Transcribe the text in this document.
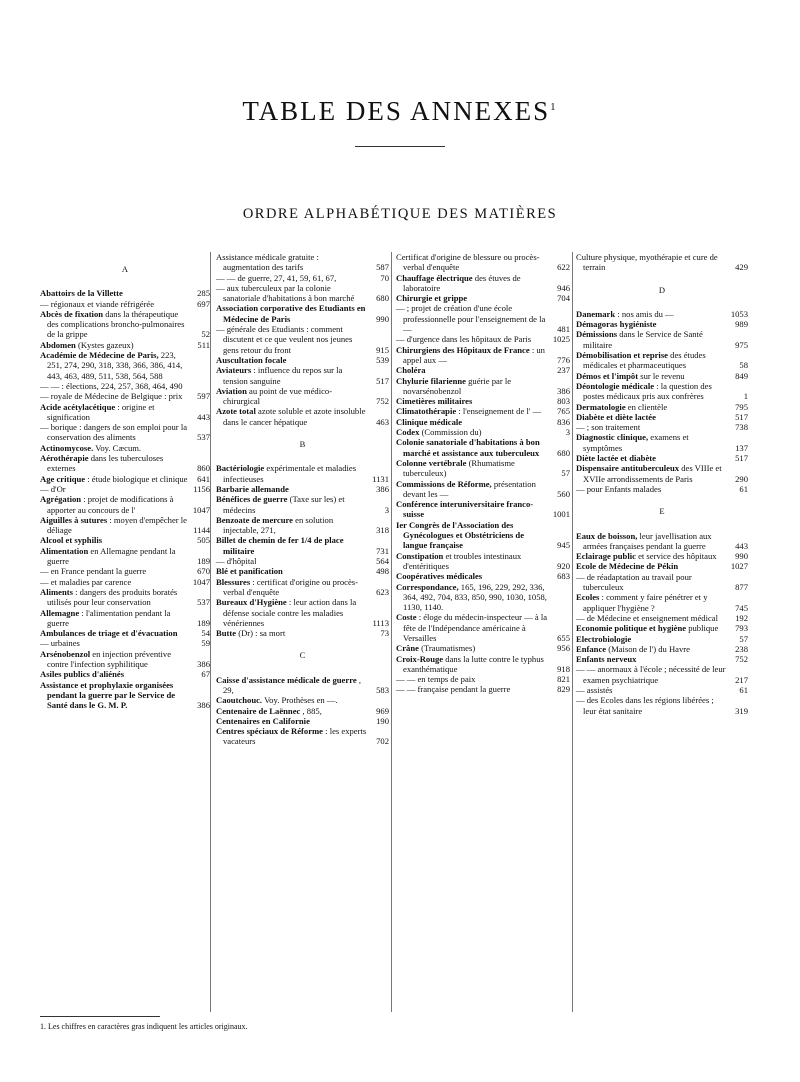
TABLE DES ANNEXES$^1$
ORDRE ALPHABÉTIQUE DES MATIÈRES
A
Abattoirs de la Villette	285
— régionaux et viande réfrigérée	697
Abcès de fixation dans la thérapeutique des complications broncho-pulmonaires de la grippe	52
Abdomen (Kystes gazeux)	511
Académie de Médecine de Paris, 223, 251, 274, 290, 318, 338, 366, 386, 414, 443, 463, 489, 511, 538, 564, 588
— — : élections, 224, 257, 368, 464, 490
— royale de Médecine de Belgique : prix 597
Acide acétylacétique : origine et signification	443
— borique : dangers de son emploi pour la conservation des aliments	537
Actinomycose. Voy. Cæcum.
Aérothérapie dans les tuberculoses externes	860
Age critique : étude biologique et clinique 641
— d'Or	1156
Agrégation : projet de modifications à apporter au concours de l'	1047
Aiguilles à sutures : moyen d'empêcher le déliage	1144
Alcool et syphilis	505
Alimentation en Allemagne pendant la guerre	189
— en France pendant la guerre	670
— et maladies par carence	1047
Aliments : dangers des produits boratés utilisés pour leur conservation	537
Allemagne : l'alimentation pendant la guerre	189
Ambulances de triage et d'évacuation	54
— urbaines	59
Arsénobenzol en injection préventive contre l'infection syphilitique	386
Asiles publics d'aliénés	67
Assistance et prophylaxie organisées pendant la guerre par le Service de Santé dans le G. M. P.	386
Assistance médicale gratuite : augmentation des tarifs	587
— — de guerre, 27, 41, 59, 61, 67,	70
— aux tuberculeux par la colonie sanatoriale d'habitations à bon marché	680
Association corporative des Etudiants en Médecine de Paris	990
— générale des Etudiants : comment discutent et ce que veulent nos jeunes gens retour du front	915
Auscultation focale	539
Aviateurs : influence du repos sur la tension sanguine	517
Aviation au point de vue médico-chirurgical	752
Azote total azote soluble et azote insoluble dans le cancer hépatique	463
B
Bactériologie expérimentale et maladies infectieuses	1131
Barbarie allemande	386
Bénéfices de guerre (Taxe sur les) et médecins	3
Benzoate de mercure en solution injectable, 271,	318
Billet de chemin de fer 1/4 de place militaire	731
— d'hôpital	564
Blé et panification	498
Blessures : certificat d'origine ou procès-verbal d'enquête	623
Bureaux d'Hygiène : leur action dans la défense sociale contre les maladies vénériennes	1113
Butte (Dr) : sa mort	73
C
Caisse d'assistance médicale de guerre , 29,	583
Caoutchouc. Voy. Prothèses en —.
Centenaire de Laënnec , 885,	969
Centenaires en Californie	190
Centres spéciaux de Réforme : les experts vacateurs	702
Certificat d'origine de blessure ou procès-verbal d'enquête	622
Chauffage électrique des étuves de laboratoire	946
Chirurgie et grippe	704
— ; projet de création d'une école professionnelle pour l'enseignement de la —	481
— d'urgence dans les hôpitaux de Paris	1025
Chirurgiens des Hôpitaux de France : un appel aux —	776
Choléra	237
Chylurie filarienne guérie par le novarsénobenzol	386
Cimetières militaires	803
Climatothérapie : l'enseignement de l' — 765
Clinique médicale	836
Codex (Commission du)	3
Colonie sanatoriale d'habitations à bon marché et assistance aux tuberculeux 680
Colonne vertébrale (Rhumatisme tuberculeux)	57
Commissions de Réforme, présentation devant les —	560
Conférence interuniversitaire franco-suisse	1001
Ier Congrès de l'Association des Gynécologues et Obstétriciens de langue française	945
Constipation et troubles intestinaux d'entéritiques	920
Coopératives médicales	683
Correspondance, 165, 196, 229, 292, 336, 364, 492, 704, 833, 850, 990, 1030, 1058, 1130, 1140.
Coste : éloge du médecin-inspecteur — à la fête de l'Indépendance américaine à Versailles	655
Crâne (Traumatismes)	956
Croix-Rouge dans la lutte contre le typhus exanthématique	918
— — en temps de paix	821
— — française pendant la guerre	829
Culture physique, myothérapie et cure de terrain	429
D
Danemark : nos amis du —	1053
Démagoras hygiéniste	989
Démissions dans le Service de Santé militaire	975
Démobilisation et reprise des études médicales et pharmaceutiques	58
Démos et l'impôt sur le revenu	849
Déontologie médicale : la question des postes médicaux pris aux confrères	1
Dermatologie en clientèle	795
Diabète et diète lactée	517
— ; son traitement	738
Diagnostic clinique, examens et symptômes	137
Diète lactée et diabète	517
Dispensaire antituberculeux des VIIIe et XVIIe arrondissements de Paris	290
— pour Enfants malades	61
E
Eaux de boisson, leur javellisation aux armées françaises pendant la guerre	443
Eclairage public et service des hôpitaux 990
Ecole de Médecine de Pékin	1027
— de réadaptation au travail pour tuberculeux	877
Ecoles : comment y faire pénétrer et y appliquer l'hygiène ?	745
— de Médecine et enseignement médical 192
Economie politique et hygiène publique 793
Electrobiologie	57
Enfance (Maison de l') du Havre	238
Enfants nerveux	752
— — anormaux à l'école ; nécessité de leur examen psychiatrique	217
— assistés	61
— des Ecoles dans les régions libérées ; leur état sanitaire	319
1. Les chiffres en caractères gras indiquent les articles originaux.
